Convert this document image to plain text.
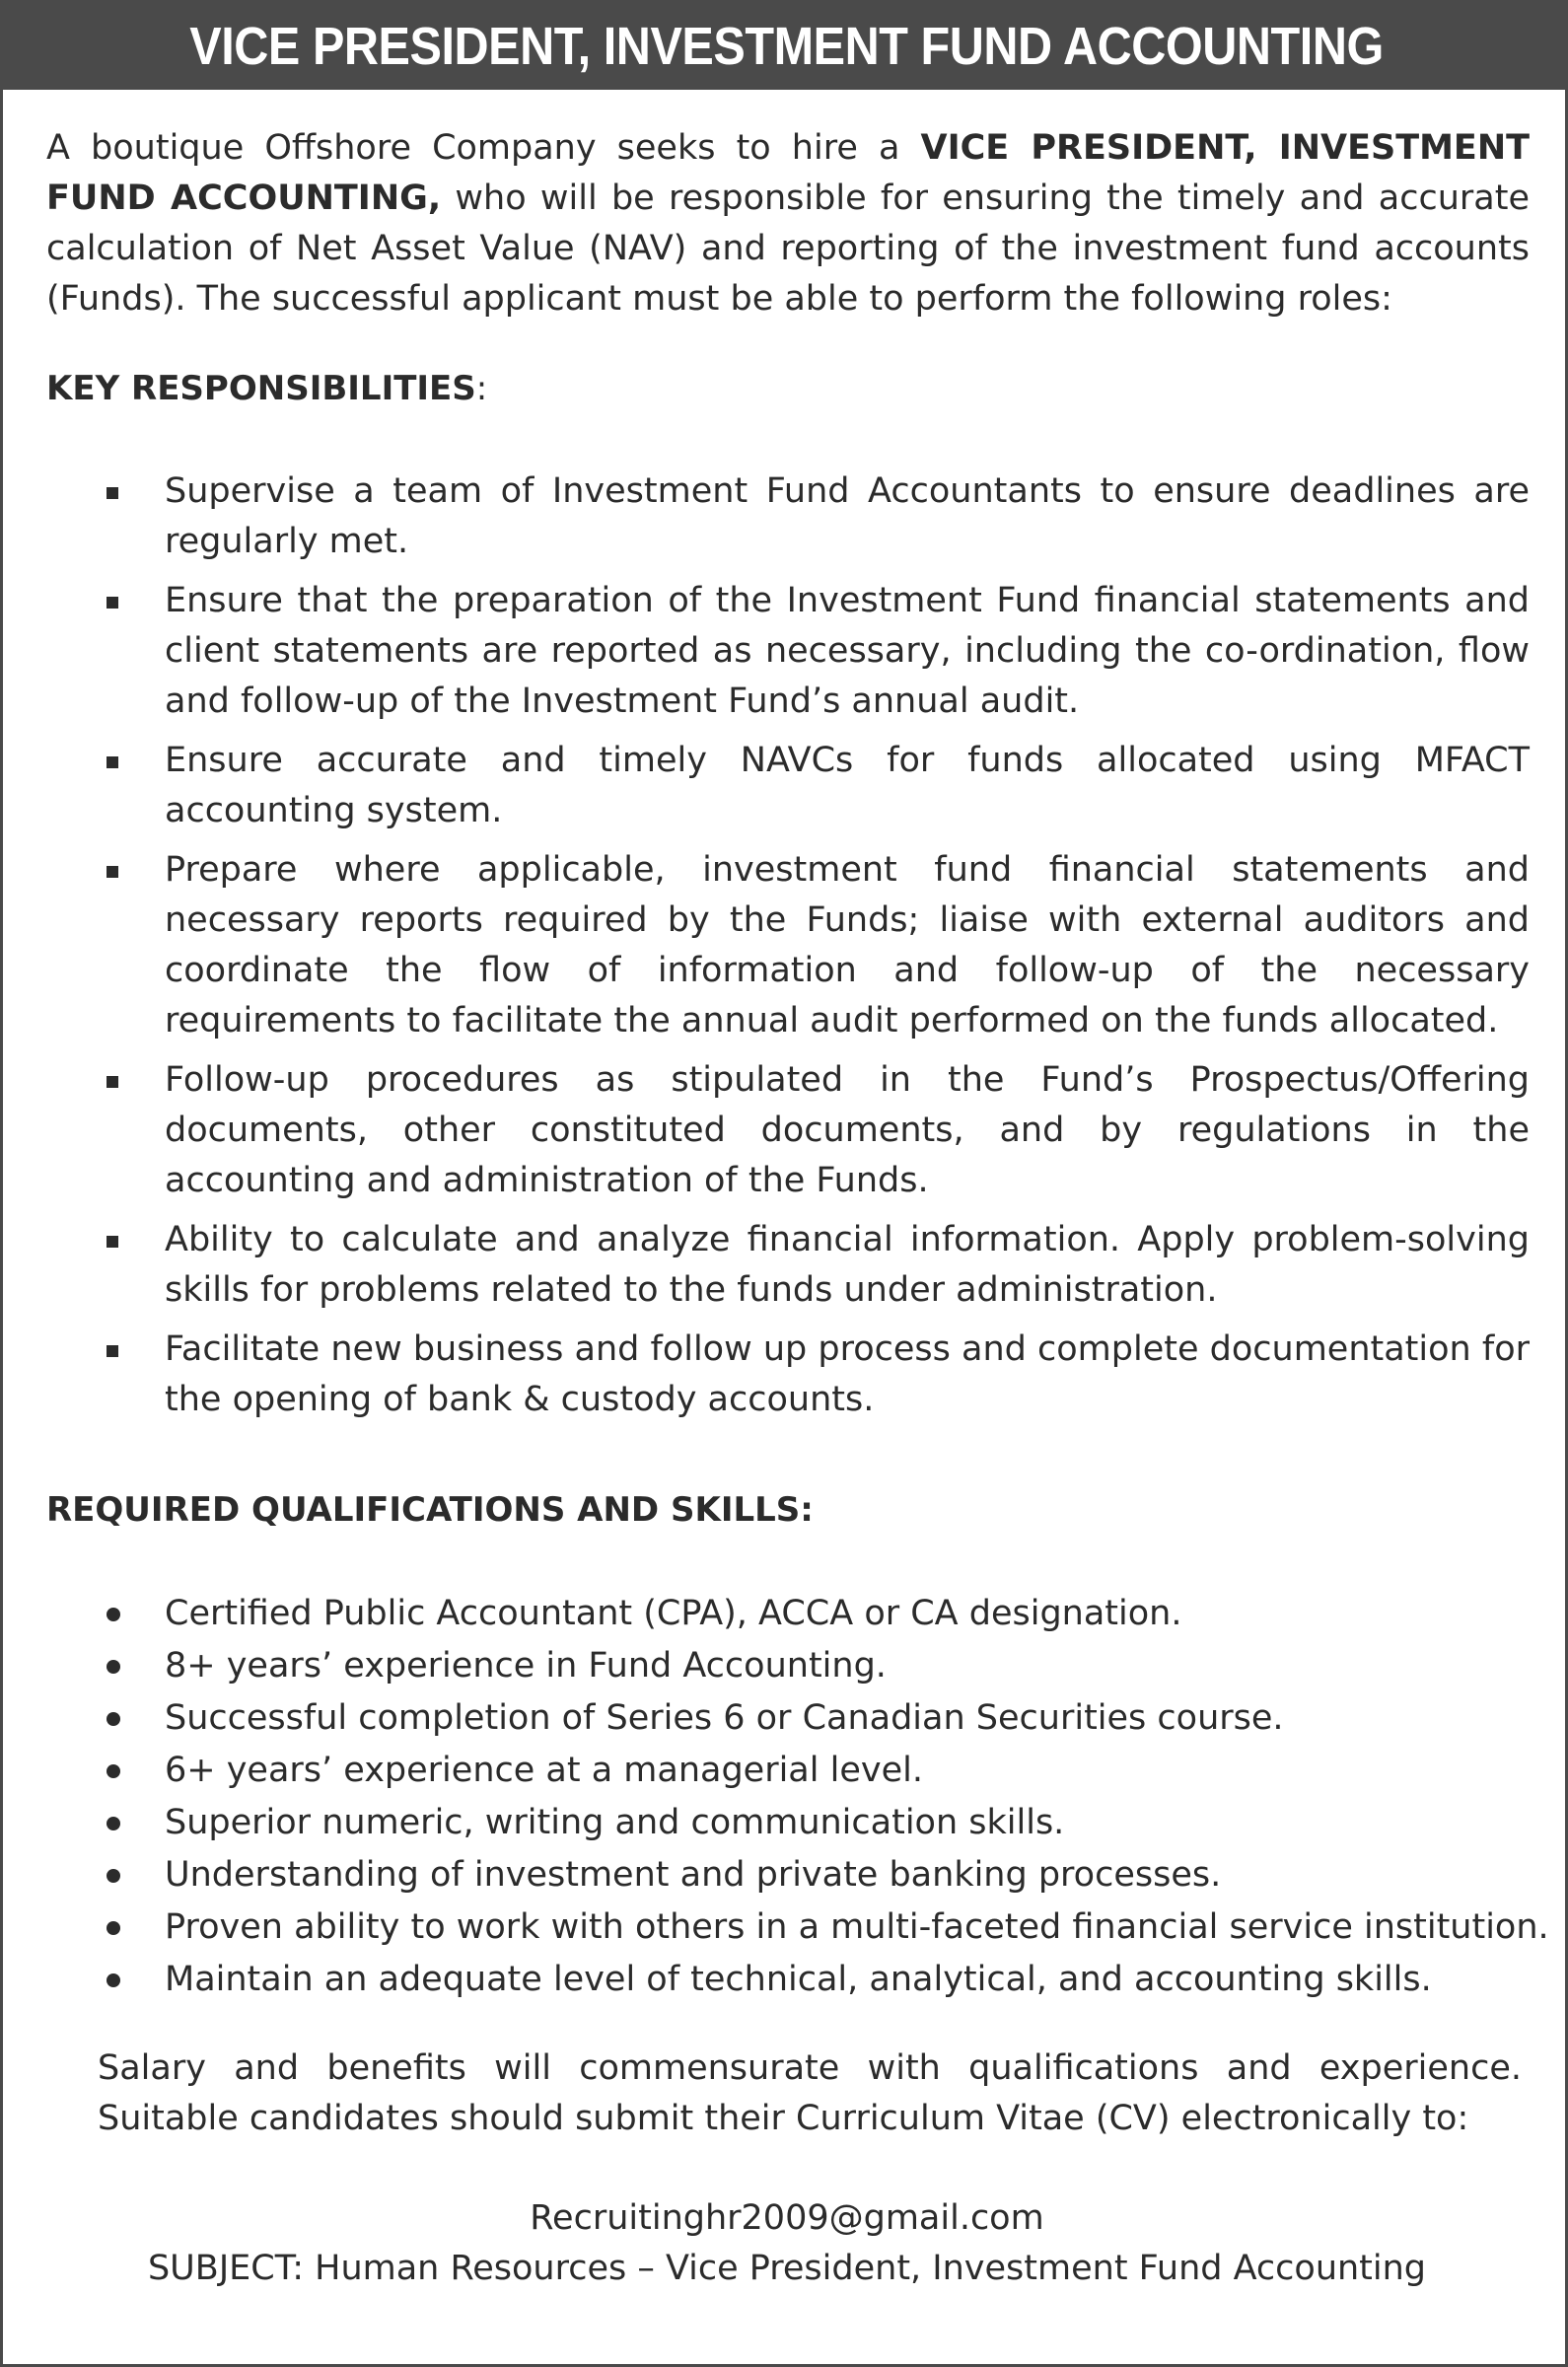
VICE PRESIDENT, INVESTMENT FUND ACCOUNTING

A boutique Offshore Company seeks to hire a VICE PRESIDENT, INVESTMENT FUND ACCOUNTING, who will be responsible for ensuring the timely and accurate calculation of Net Asset Value (NAV) and reporting of the investment fund accounts (Funds). The successful applicant must be able to perform the following roles:

KEY RESPONSIBILITIES:
Supervise a team of Investment Fund Accountants to ensure deadlines are regularly met.
Ensure that the preparation of the Investment Fund financial statements and client statements are reported as necessary, including the co-ordination, flow and follow-up of the Investment Fund’s annual audit.
Ensure accurate and timely NAVCs for funds allocated using MFACT accounting system.
Prepare where applicable, investment fund financial statements and necessary reports required by the Funds; liaise with external auditors and coordinate the flow of information and follow-up of the necessary requirements to facilitate the annual audit performed on the funds allocated.
Follow-up procedures as stipulated in the Fund’s Prospectus/Offering documents, other constituted documents, and by regulations in the accounting and administration of the Funds.
Ability to calculate and analyze financial information. Apply problem-solving skills for problems related to the funds under administration.
Facilitate new business and follow up process and complete documentation for the opening of bank & custody accounts.
REQUIRED QUALIFICATIONS AND SKILLS:
Certified Public Accountant (CPA), ACCA or CA designation.
8+ years’ experience in Fund Accounting.
Successful completion of Series 6 or Canadian Securities course.
6+ years’ experience at a managerial level.
Superior numeric, writing and communication skills.
Understanding of investment and private banking processes.
Proven ability to work with others in a multi-faceted financial service institution.
Maintain an adequate level of technical, analytical, and accounting skills.

Salary and benefits will commensurate with qualifications and experience. Suitable candidates should submit their Curriculum Vitae (CV) electronically to:

Recruitinghr2009@gmail.com
SUBJECT: Human Resources – Vice President, Investment Fund Accounting
